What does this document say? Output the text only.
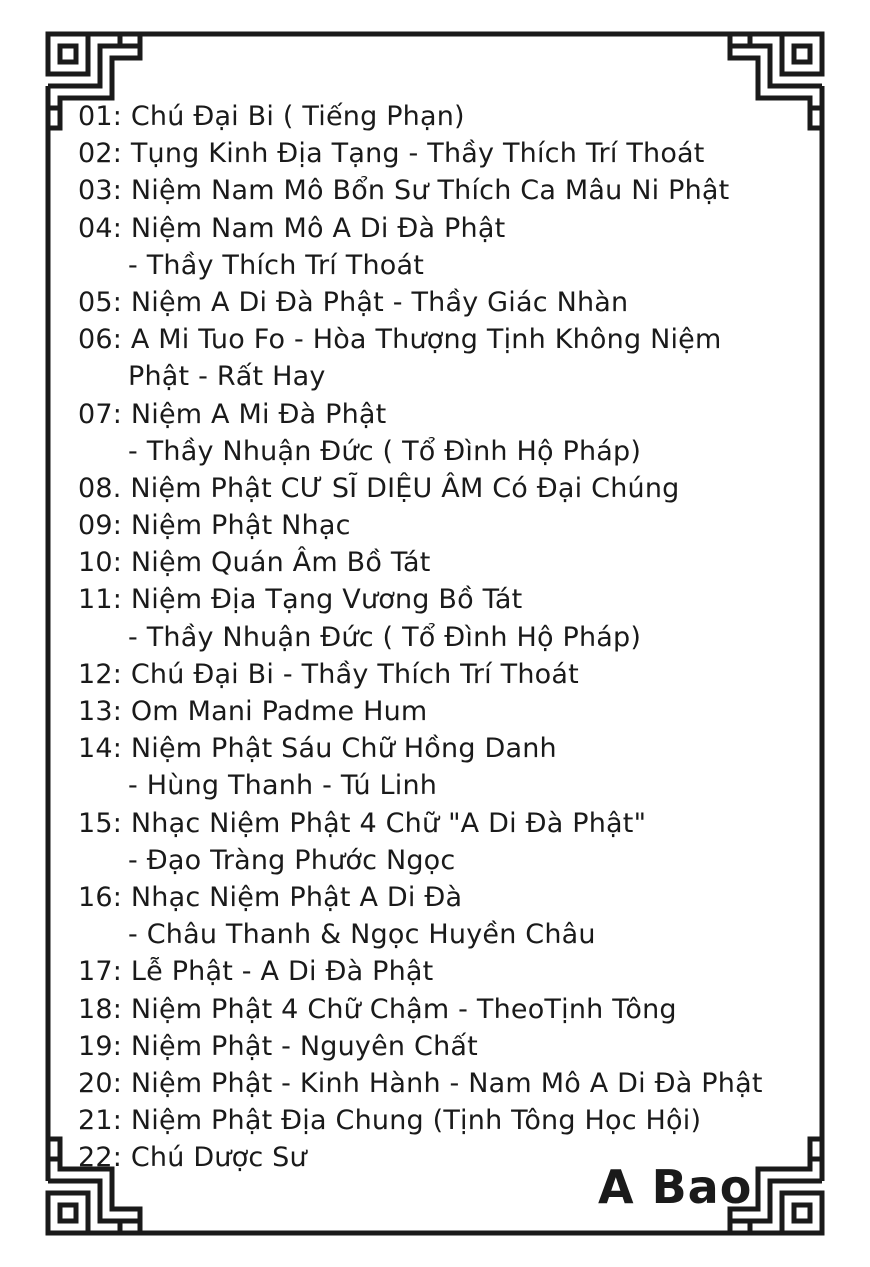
01: Chú Đại Bi ( Tiếng Phạn)
02: Tụng Kinh Địa Tạng - Thầy Thích Trí Thoát
03: Niệm Nam Mô Bổn Sư Thích Ca Mâu Ni Phật
04: Niệm Nam Mô A Di Đà Phật
- Thầy Thích Trí Thoát
05: Niệm A Di Đà Phật - Thầy Giác Nhàn
06: A Mi Tuo Fo - Hòa Thượng Tịnh Không Niệm
Phật - Rất Hay
07: Niệm A Mi Đà Phật
- Thầy Nhuận Đức ( Tổ Đình Hộ Pháp)
08. Niệm Phật CƯ SĨ DIỆU ÂM Có Đại Chúng
09: Niệm Phật Nhạc
10: Niệm Quán Âm Bồ Tát
11: Niệm Địa Tạng Vương Bồ Tát
- Thầy Nhuận Đức ( Tổ Đình Hộ Pháp)
12: Chú Đại Bi - Thầy Thích Trí Thoát
13: Om Mani Padme Hum
14: Niệm Phật Sáu Chữ Hồng Danh
- Hùng Thanh - Tú Linh
15: Nhạc Niệm Phật 4 Chữ "A Di Đà Phật"
- Đạo Tràng Phước Ngọc
16: Nhạc Niệm Phật A Di Đà
- Châu Thanh & Ngọc Huyền Châu
17: Lễ Phật - A Di Đà Phật
18: Niệm Phật 4 Chữ Chậm - TheoTịnh Tông
19: Niệm Phật - Nguyên Chất
20: Niệm Phật - Kinh Hành - Nam Mô A Di Đà Phật
21: Niệm Phật Địa Chung (Tịnh Tông Học Hội)
22: Chú Dược Sư
A Bao
